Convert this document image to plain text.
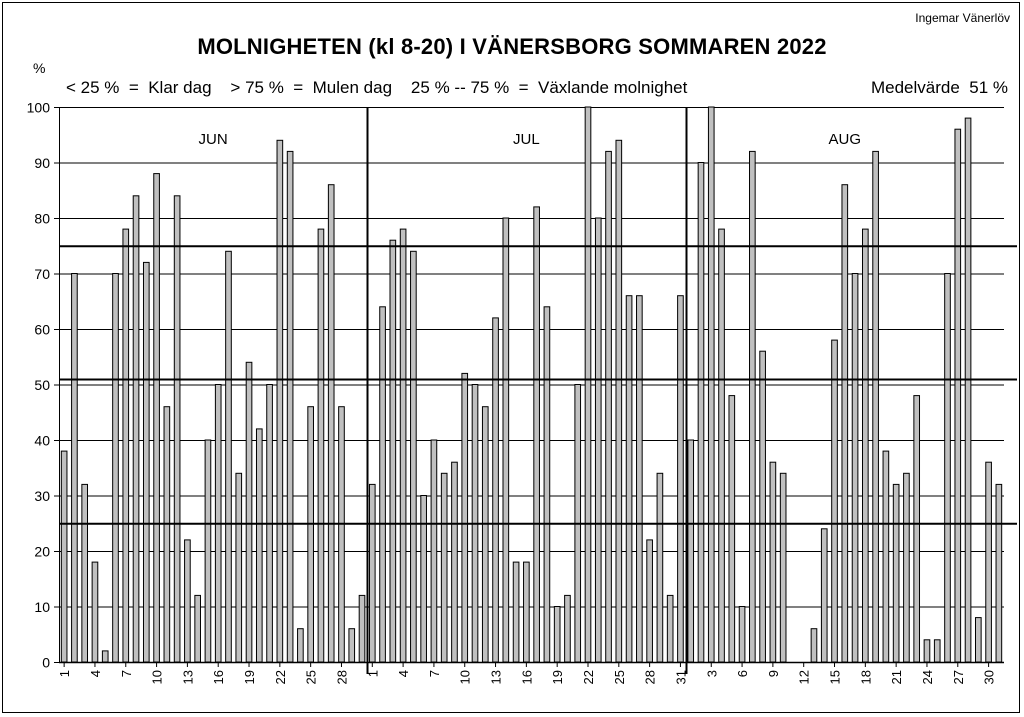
Ingemar Vänerlöv
MOLNIGHETEN (kl 8-20) I VÄNERSBORG SOMMAREN 2022
%
< 25 %  =  Klar dag    > 75 %  =  Mulen dag    25 % -- 75 %  =  Växlande molnighet	Medelvärde  51 %
0
10
20
30
40
50
60
70
80
90
100
JUN	JUL	AUG
1 4 7 10 13 16 19 22 25 28 1 4 7 10 13 16 19 22 25 28 31 3 6 9 12 15 18 21 24 27 30
